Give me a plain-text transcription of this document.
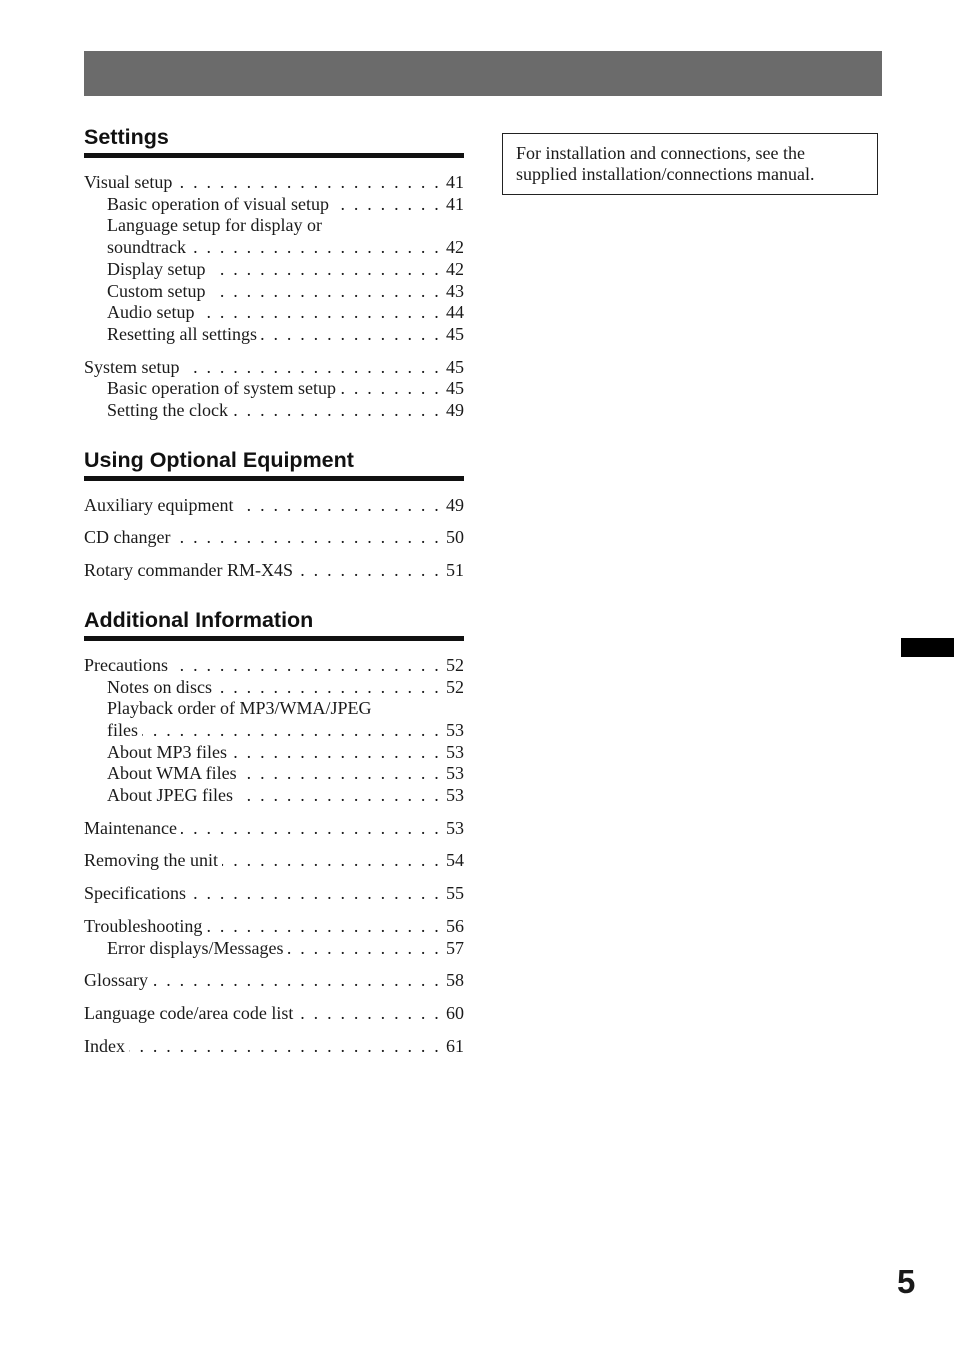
Settings
Visual setup . . .	41
Basic operation of visual setup . . .	41
Language setup for display or
soundtrack . . .	42
Display setup . . .	42
Custom setup . . .	43
Audio setup . . .	44
Resetting all settings . . .	45
System setup . . .	45
Basic operation of system setup . . .	45
Setting the clock . . .	49
Using Optional Equipment
Auxiliary equipment . . .	49
CD changer . . .	50
Rotary commander RM-X4S . . .	51
Additional Information
Precautions . . .	52
Notes on discs . . .	52
Playback order of MP3/WMA/JPEG
files . . .	53
About MP3 files . . .	53
About WMA files . . .	53
About JPEG files . . .	53
Maintenance . . .	53
Removing the unit . . .	54
Specifications . . .	55
Troubleshooting . . .	56
Error displays/Messages . . .	57
Glossary . . .	58
Language code/area code list . . .	60
Index . . .	61
For installation and connections, see the supplied installation/connections manual.
5
